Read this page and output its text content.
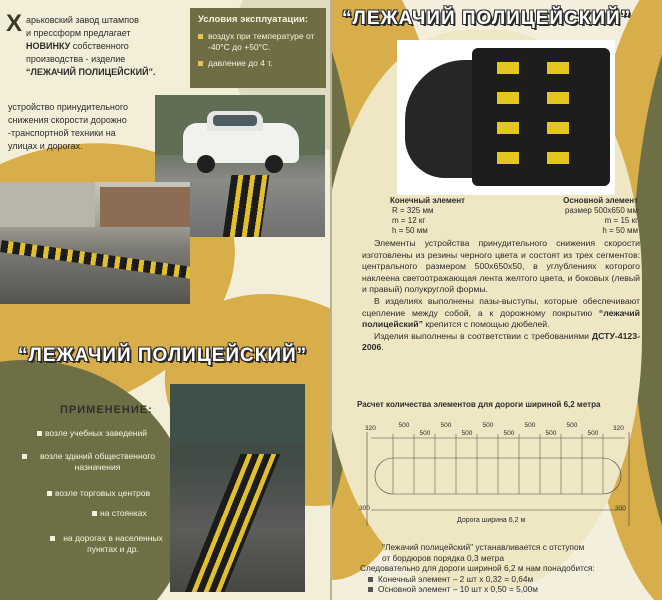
Х арьковский завод штампов
и прессформ предлагает
НОВИНКУ собственного
производства - изделие
“ЛЕЖАЧИЙ ПОЛИЦЕЙСКИЙ”.
устройство принудительного
снижения скорости дорожно
-транспортной техники на
улицах и дорогах.
Условия эксплуатации:
воздух при температуре от -40°С до +50°С.
давление до 4 т.
“ЛЕЖАЧИЙ ПОЛИЦЕЙСКИЙ”
ПРИМЕНЕНИЕ:
возле учебных заведений
возле зданий общественного назначения
возле торговых центров
на стоянках
на дорогах в населенных пунктах и др.
“ЛЕЖАЧИЙ ПОЛИЦЕЙСКИЙ”
Конечный элемент
R = 325 мм
m = 12 кг
h = 50 мм
Основной элемент
размер 500х650 мм
m = 15 кг
h = 50 мм

Элементы устройства принудительного снижения скорости изготовлены из резины черного цвета и состоят из трех сегментов: центрального размером 500х650х50, в углублениях которого наклеена светоотражающая лента желтого цвета, и боковых (левый и правый) полукруглой формы.

В изделиях выполнены пазы-выступы, которые обеспечивают сцепление между собой, а к дорожному покрытию “лежачий полицейский” крепится с помощью дюбелей.

Изделия выполнены в соответствии с требованиями ДСТУ-4123-2006.

Расчет количества элементов для дороги шириной 6,2 метра
320	320
500
500
500
500
500
500
500
500
500
500
300	300
Дорога ширина 6,2 м
"Лежачий полицейский" устанавливается с отступом
от бордюров порядка 0,3 метра
Следовательно для дороги шириной 6,2 м нам понадобится:
Конечный элемент – 2 шт х 0,32 = 0,64м
Основной элемент – 10 шт х 0,50 = 5,00м
